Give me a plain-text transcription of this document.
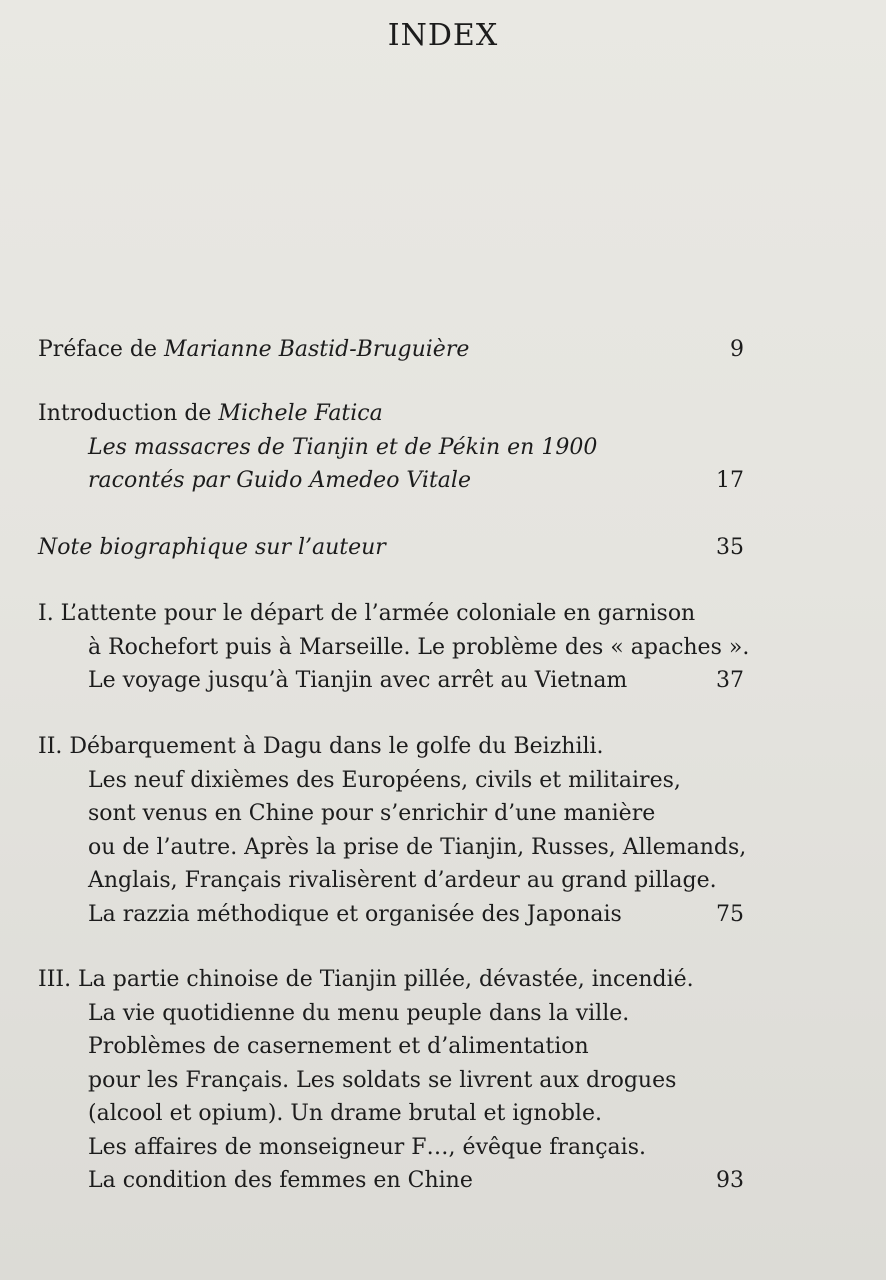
INDEX
Préface de Marianne Bastid-Bruguière	9
Introduction de Michele Fatica
Les massacres de Tianjin et de Pékin en 1900
racontés par Guido Amedeo Vitale	17
Note biographique sur l’auteur	35
I. L’attente pour le départ de l’armée coloniale en garnison
à Rochefort puis à Marseille. Le problème des « apaches ».
Le voyage jusqu’à Tianjin avec arrêt au Vietnam	37
II. Débarquement à Dagu dans le golfe du Beizhili.
Les neuf dixièmes des Européens, civils et militaires,
sont venus en Chine pour s’enrichir d’une manière
ou de l’autre. Après la prise de Tianjin, Russes, Allemands,
Anglais, Français rivalisèrent d’ardeur au grand pillage.
La razzia méthodique et organisée des Japonais	75
III. La partie chinoise de Tianjin pillée, dévastée, incendié.
La vie quotidienne du menu peuple dans la ville.
Problèmes de casernement et d’alimentation
pour les Français. Les soldats se livrent aux drogues
(alcool et opium). Un drame brutal et ignoble.
Les affaires de monseigneur F…, évêque français.
La condition des femmes en Chine	93
